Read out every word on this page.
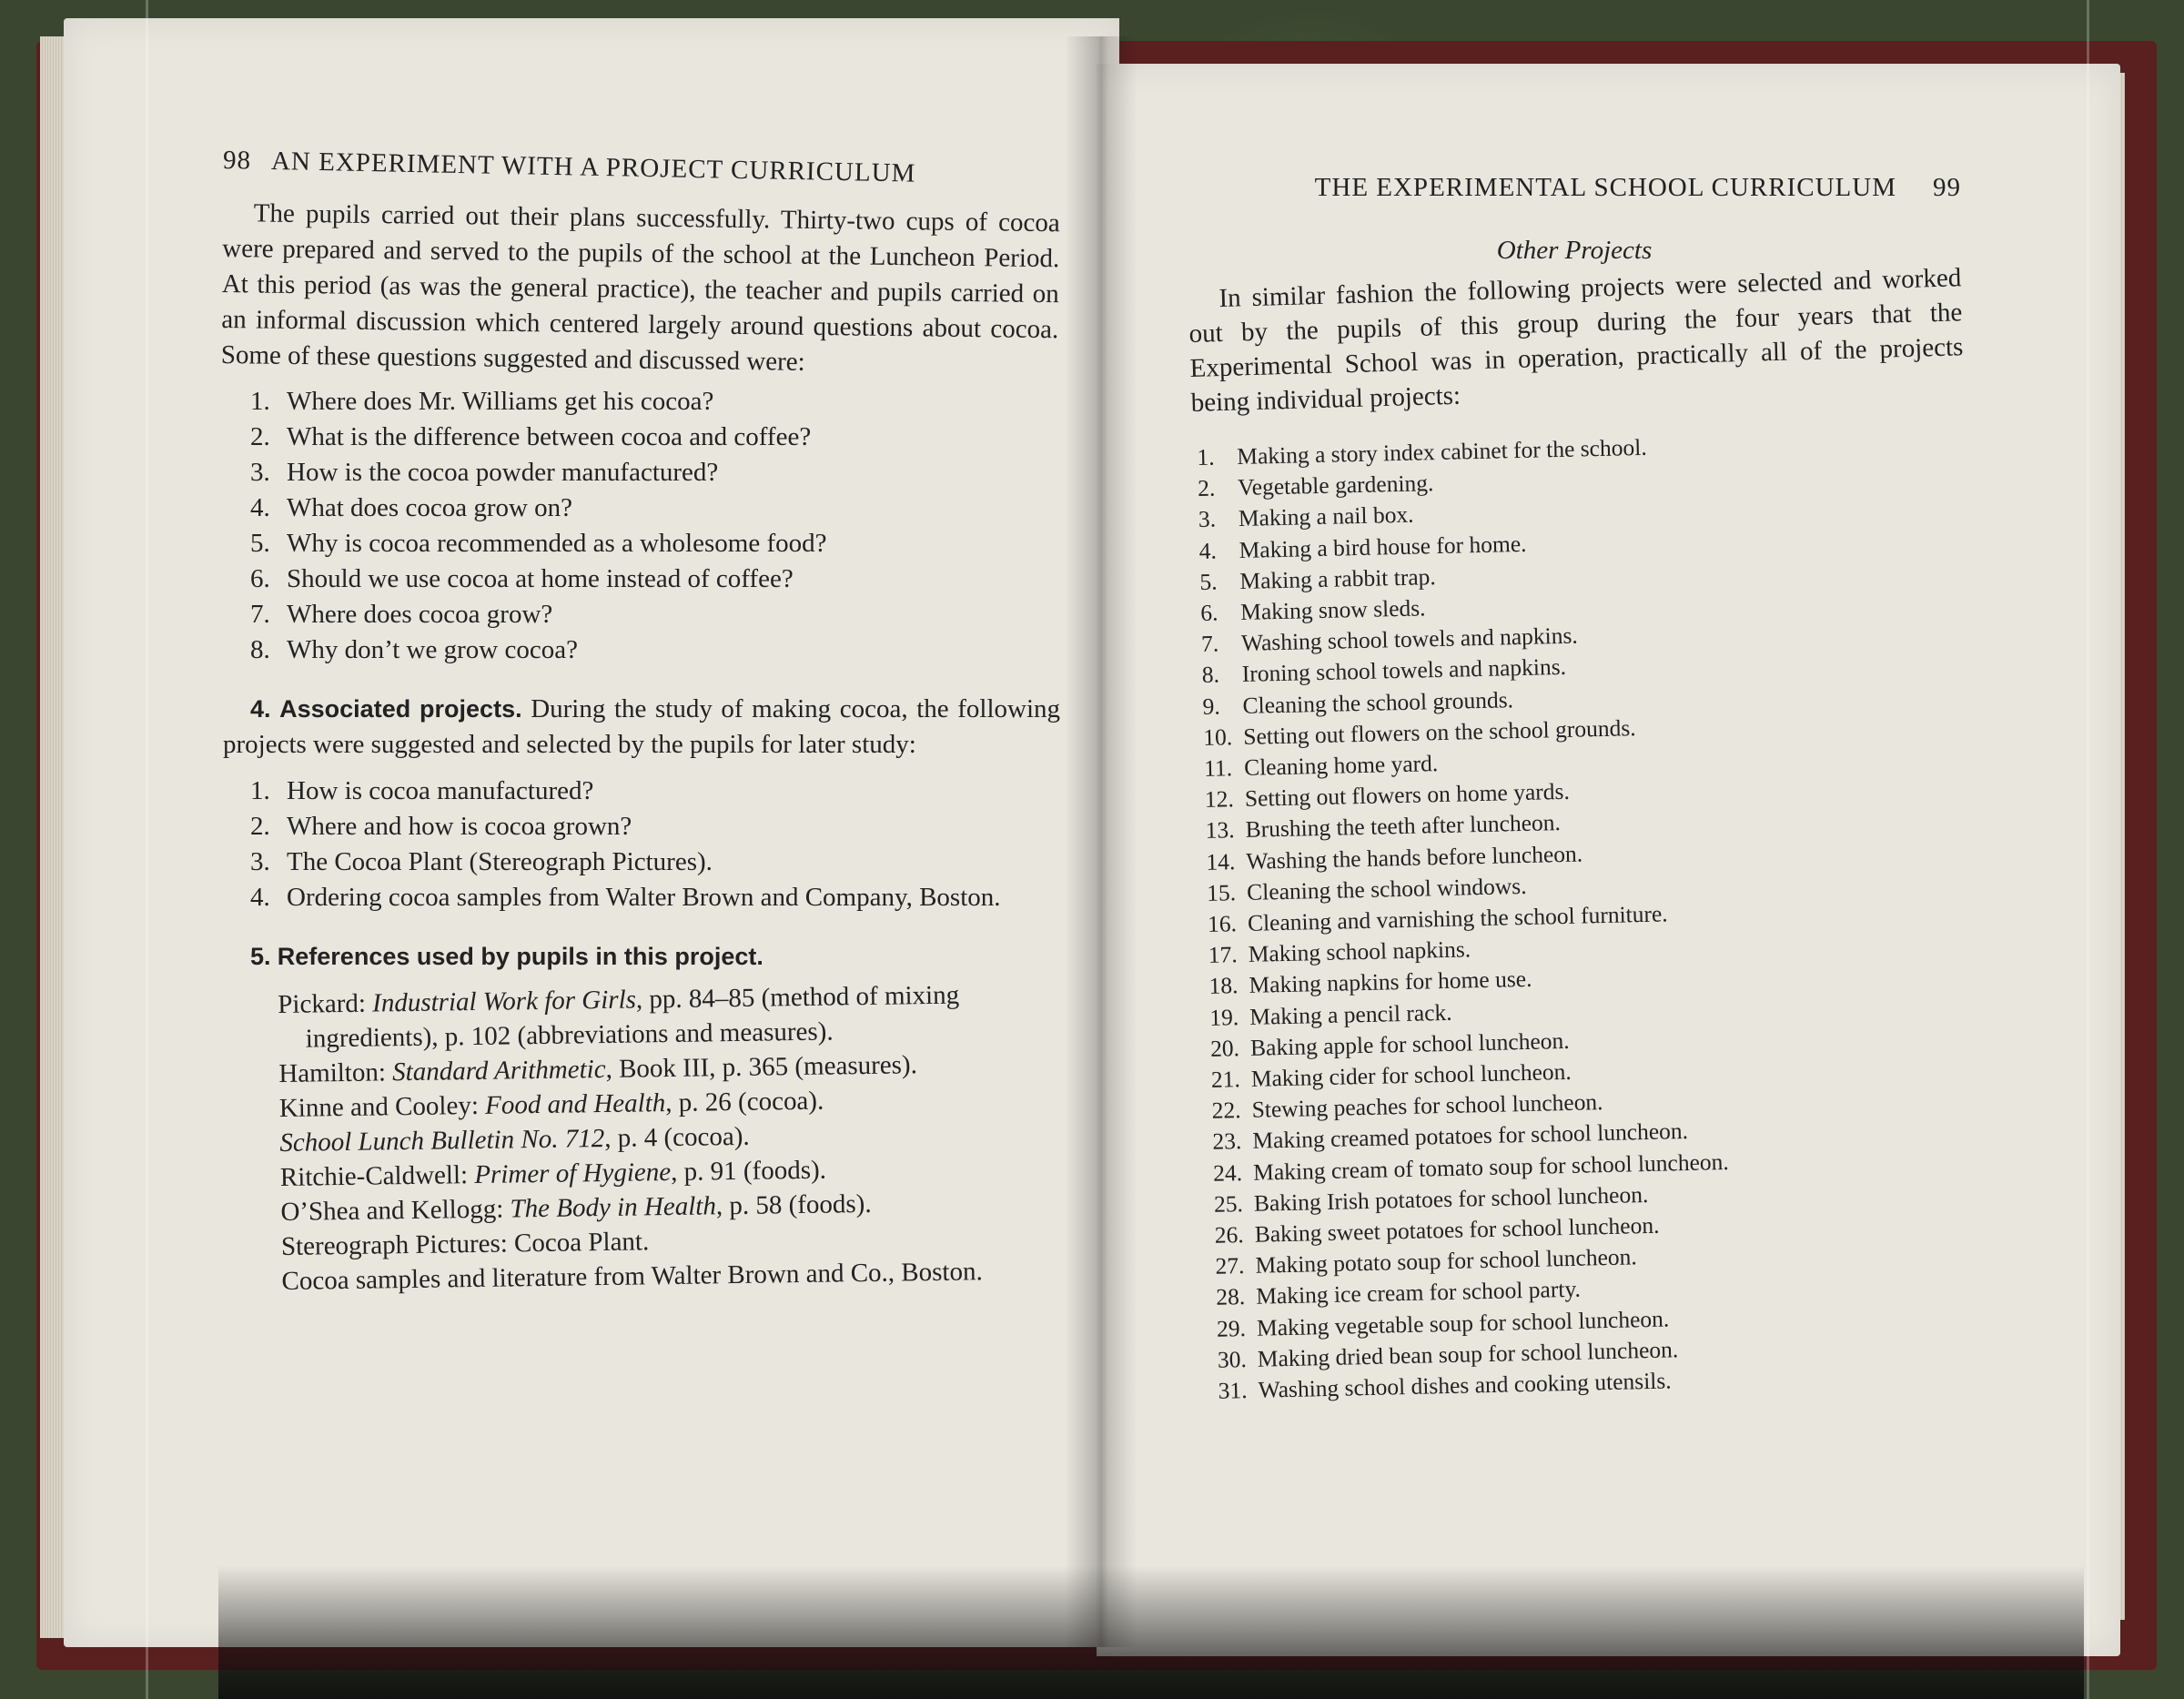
98 AN EXPERIMENT WITH A PROJECT CURRICULUM

The pupils carried out their plans successfully. Thirty-two cups of cocoa were prepared and served to the pupils of the school at the Luncheon Period. At this period (as was the general practice), the teacher and pupils carried on an informal discussion which centered largely around questions about cocoa. Some of these questions suggested and discussed were:

1. Where does Mr. Williams get his cocoa?
2. What is the difference between cocoa and coffee?
3. How is the cocoa powder manufactured?
4. What does cocoa grow on?
5. Why is cocoa recommended as a wholesome food?
6. Should we use cocoa at home instead of coffee?
7. Where does cocoa grow?
8. Why don’t we grow cocoa?
4. Associated projects. During the study of making cocoa, the following projects were suggested and selected by the pupils for later study:
1. How is cocoa manufactured?
2. Where and how is cocoa grown?
3. The Cocoa Plant (Stereograph Pictures).
4. Ordering cocoa samples from Walter Brown and Company, Boston.
5. References used by pupils in this project.
Pickard: Industrial Work for Girls, pp. 84–85 (method of mixing ingredients), p. 102 (abbreviations and measures).
Hamilton: Standard Arithmetic, Book III, p. 365 (measures).
Kinne and Cooley: Food and Health, p. 26 (cocoa).
School Lunch Bulletin No. 712, p. 4 (cocoa).
Ritchie-Caldwell: Primer of Hygiene, p. 91 (foods).
O’Shea and Kellogg: The Body in Health, p. 58 (foods).
Stereograph Pictures: Cocoa Plant.
Cocoa samples and literature from Walter Brown and Co., Boston.
THE EXPERIMENTAL SCHOOL CURRICULUM 99
Other Projects

In similar fashion the following projects were selected and worked out by the pupils of this group during the four years that the Experimental School was in operation, practically all of the projects being individual projects:

1. Making a story index cabinet for the school.
2. Vegetable gardening.
3. Making a nail box.
4. Making a bird house for home.
5. Making a rabbit trap.
6. Making snow sleds.
7. Washing school towels and napkins.
8. Ironing school towels and napkins.
9. Cleaning the school grounds.
10. Setting out flowers on the school grounds.
11. Cleaning home yard.
12. Setting out flowers on home yards.
13. Brushing the teeth after luncheon.
14. Washing the hands before luncheon.
15. Cleaning the school windows.
16. Cleaning and varnishing the school furniture.
17. Making school napkins.
18. Making napkins for home use.
19. Making a pencil rack.
20. Baking apple for school luncheon.
21. Making cider for school luncheon.
22. Stewing peaches for school luncheon.
23. Making creamed potatoes for school luncheon.
24. Making cream of tomato soup for school luncheon.
25. Baking Irish potatoes for school luncheon.
26. Baking sweet potatoes for school luncheon.
27. Making potato soup for school luncheon.
28. Making ice cream for school party.
29. Making vegetable soup for school luncheon.
30. Making dried bean soup for school luncheon.
31. Washing school dishes and cooking utensils.
